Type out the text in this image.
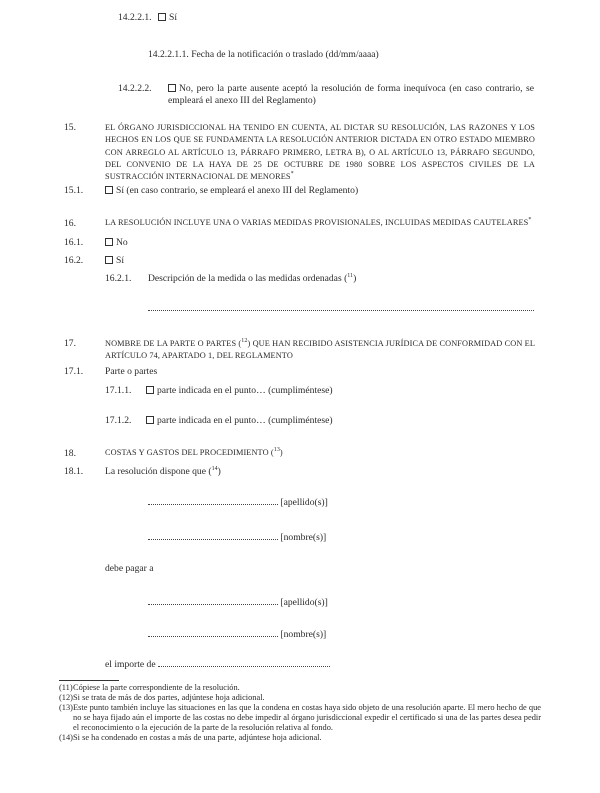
14.2.2.1. Sí
14.2.2.1.1. Fecha de la notificación o traslado (dd/mm/aaaa)
14.2.2.2.	No, pero la parte ausente aceptó la resolución de forma inequívoca (en caso contrario, se empleará el anexo III del Reglamento)
15.	EL ÓRGANO JURISDICCIONAL HA TENIDO EN CUENTA, AL DICTAR SU RESOLUCIÓN, LAS RAZONES Y LOS HECHOS EN LOS QUE SE FUNDAMENTA LA RESOLUCIÓN ANTERIOR DICTADA EN OTRO ESTADO MIEMBRO CON ARREGLO AL ARTÍCULO 13, PÁRRAFO PRIMERO, LETRA B), O AL ARTÍCULO 13, PÁRRAFO SEGUNDO, DEL CONVENIO DE LA HAYA DE 25 DE OCTUBRE DE 1980 SOBRE LOS ASPECTOS CIVILES DE LA SUSTRACCIÓN INTERNACIONAL DE MENORES*
15.1.	Sí (en caso contrario, se empleará el anexo III del Reglamento)
16.	LA RESOLUCIÓN INCLUYE UNA O VARIAS MEDIDAS PROVISIONALES, INCLUIDAS MEDIDAS CAUTELARES*
16.1.	No
16.2.	Sí
16.2.1. Descripción de la medida o las medidas ordenadas ($^{11}$)
17.	NOMBRE DE LA PARTE O PARTES ($^{12}$) QUE HAN RECIBIDO ASISTENCIA JURÍDICA DE CONFORMIDAD CON EL ARTÍCULO 74, APARTADO 1, DEL REGLAMENTO
17.1. Parte o partes
17.1.1.	parte indicada en el punto… (cumpliméntese)
17.1.2.	parte indicada en el punto… (cumpliméntese)
18.	COSTAS Y GASTOS DEL PROCEDIMIENTO ($^{13}$)
18.1. La resolución dispone que ($^{14}$)
[apellido(s)]
[nombre(s)]
debe pagar a
[apellido(s)]
[nombre(s)]
el importe de
(11) Cópiese la parte correspondiente de la resolución.
(12) Si se trata de más de dos partes, adjúntese hoja adicional.
(13) Este punto también incluye las situaciones en las que la condena en costas haya sido objeto de una resolución aparte. El mero hecho de que no se haya fijado aún el importe de las costas no debe impedir al órgano jurisdiccional expedir el certificado si una de las partes desea pedir el reconocimiento o la ejecución de la parte de la resolución relativa al fondo.
(14) Si se ha condenado en costas a más de una parte, adjúntese hoja adicional.
